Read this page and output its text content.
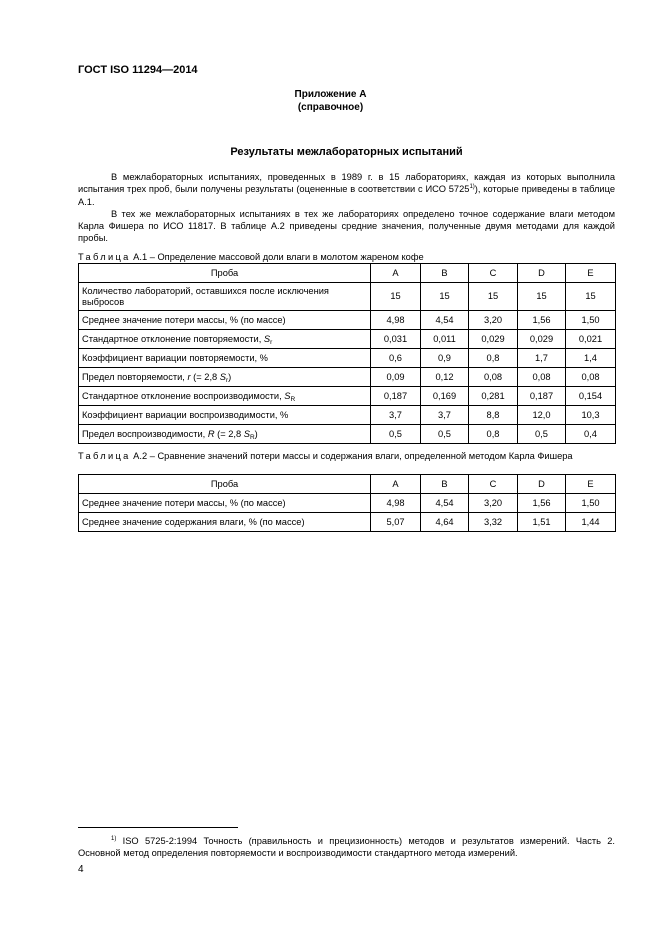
ГОСТ ISO 11294—2014
Приложение А
(справочное)
Результаты межлабораторных испытаний

В межлабораторных испытаниях, проведенных в 1989 г. в 15 лабораториях, каждая из которых выполнила испытания трех проб, были получены результаты (оцененные в соответствии с ИСО 5725$^{1)}$), которые приведены в таблице А.1.

В тех же межлабораторных испытаниях в тех же лабораториях определено точное содержание влаги методом Карла Фишера по ИСО 11817. В таблице А.2 приведены средние значения, полученные двумя методами для каждой пробы.

Таблица А.1 – Определение массовой доли влаги в молотом жареном кофе
Проба	A	B	C	D	E
Количество лабораторий, оставшихся после исключения выбросов	15	15	15	15	15
Среднее значение потери массы, % (по массе)	4,98	4,54	3,20	1,56	1,50
Стандартное отклонение повторяемости, $S_r$	0,031	0,011	0,029	0,029	0,021
Коэффициент вариации повторяемости, %	0,6	0,9	0,8	1,7	1,4
Предел повторяемости, r (= 2,8 $S_r$)	0,09	0,12	0,08	0,08	0,08
Стандартное отклонение воспроизводимости, $S_R$	0,187	0,169	0,281	0,187	0,154
Коэффициент вариации воспроизводимости, %	3,7	3,7	8,8	12,0	10,3
Предел воспроизводимости, R (= 2,8 $S_R$)	0,5	0,5	0,8	0,5	0,4
Таблица А.2 – Сравнение значений потери массы и содержания влаги, определенной методом Карла Фишера
Проба	A	B	C	D	E
Среднее значение потери массы, % (по массе)	4,98	4,54	3,20	1,56	1,50
Среднее значение содержания влаги, % (по массе)	5,07	4,64	3,32	1,51	1,44

$^{1)}$ ISO 5725-2:1994 Точность (правильность и прецизионность) методов и результатов измерений. Часть 2. Основной метод определения повторяемости и воспроизводимости стандартного метода измерений.

4
